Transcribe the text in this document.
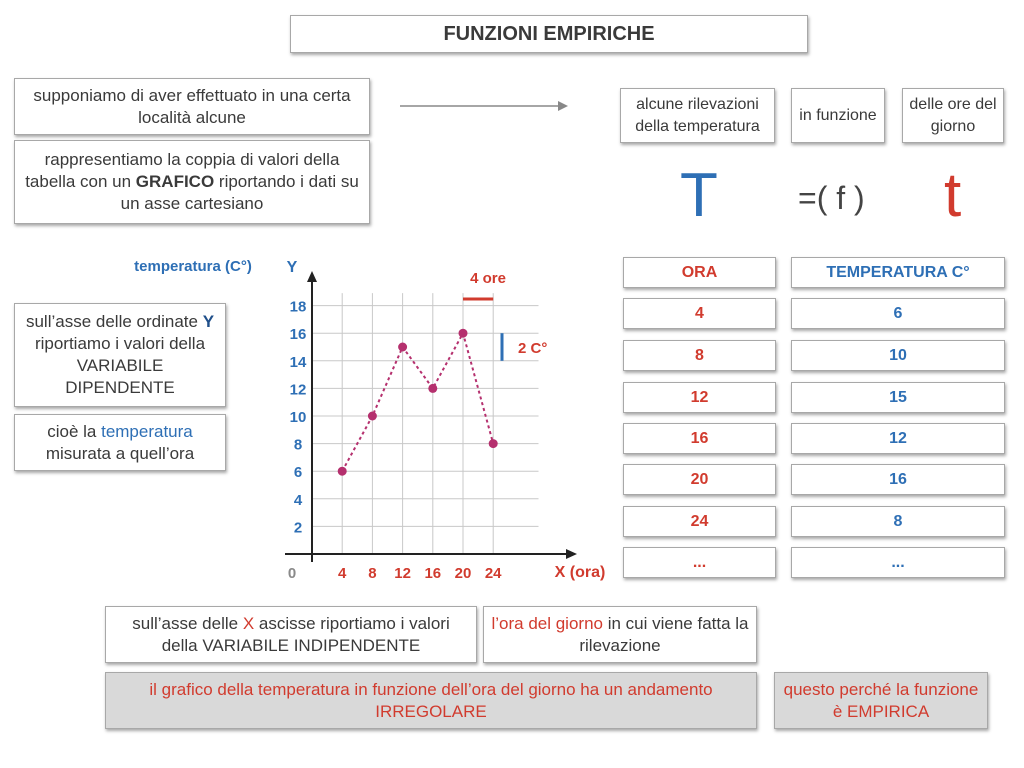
FUNZIONI EMPIRICHE
supponiamo di aver effettuato in una certa località alcune
rappresentiamo la coppia di valori della tabella con un GRAFICO riportando i dati su un asse cartesiano
alcune rilevazioni della temperatura
in funzione
delle ore del giorno
T	=( f ) t
sull’asse delle ordinate Y riportiamo i valori della VARIABILE DIPENDENTE
cioè la temperatura misurata a quell’ora
temperatura (C°) Y
X (ora)
0	4 8 12 16 20 24
2
4
6
8
10
12
14
16
18
4 ore
2 C°
ORA	TEMPERATURA C°
4	6
8	10
12	15
16	12
20	16
24	8
...	...
sull’asse delle X ascisse riportiamo i valori della VARIABILE INDIPENDENTE
l’ora del giorno in cui viene fatta la rilevazione
il grafico della temperatura in funzione dell’ora del giorno ha un andamento IRREGOLARE
questo perché la funzione è EMPIRICA
